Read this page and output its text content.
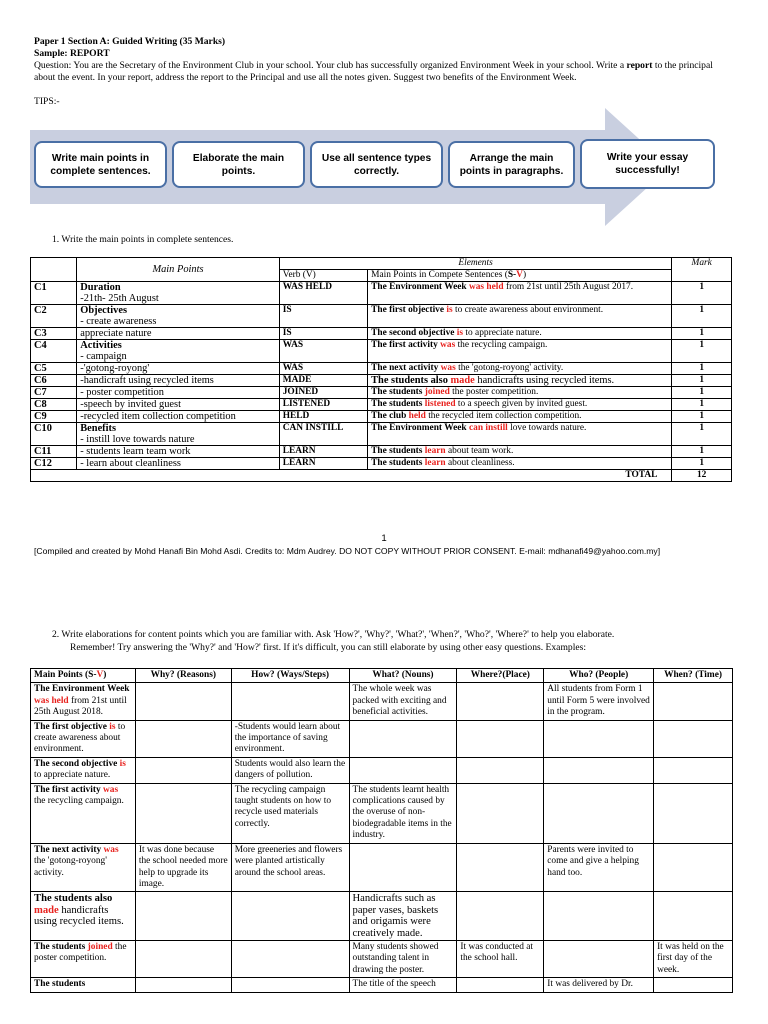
Paper 1 Section A: Guided Writing (35 Marks)
Sample: REPORT
Question: You are the Secretary of the Environment Club in your school. Your club has successfully organized Environment Week in your school. Write a report to the principal about the event. In your report, address the report to the Principal and use all the notes given. Suggest two benefits of the Environment Week.
TIPS:-
Write main points in complete sentences.
Elaborate the main points.
Use all sentence types correctly.
Arrange the main points in paragraphs.
Write your essay successfully!
1. Write the main points in complete sentences.
	Main Points	Elements		Mark
		Verb (V)	Main Points in Compete Sentences (S-V)	
C1	Duration
-21th- 25th August	WAS HELD	The Environment Week was held from 21st until 25th August 2017.	1
C2	Objectives
- create awareness	IS	The first objective is to create awareness about environment.	1
C3	appreciate nature	IS	The second objective is to appreciate nature.	1
C4	Activities
- campaign	WAS	The first activity was the recycling campaign.	1
C5	-'gotong-royong'	WAS	The next activity was the 'gotong-royong' activity.	1
C6	-handicraft using recycled items	MADE	The students also made handicrafts using recycled items.	1
C7	- poster competition	JOINED	The students joined the poster competition.	1
C8	-speech by invited guest	LISTENED	The students listened to a speech given by invited guest.	1
C9	-recycled item collection competition	HELD	The club held the recycled item collection competition.	1
C10	Benefits
- instill love towards nature	CAN INSTILL	The Environment Week can instill love towards nature.	1
C11	- students learn team work	LEARN	The students learn about team work.	1
C12	- learn about cleanliness	LEARN	The students learn about cleanliness.	1
TOTAL				12
1
[Compiled and created by Mohd Hanafi Bin Mohd Asdi. Credits to: Mdm Audrey. DO NOT COPY WITHOUT PRIOR CONSENT. E-mail: mdhanafi49@yahoo.com.my]
2. Write elaborations for content points which you are familiar with. Ask 'How?', 'Why?', 'What?', 'When?', 'Who?', 'Where?' to help you elaborate.
Remember! Try answering the 'Why?' and 'How?' first. If it's difficult, you can still elaborate by using other easy questions. Examples:
Main Points (S-V)	Why? (Reasons)	How? (Ways/Steps)	What? (Nouns)	Where?(Place)	Who? (People)	When? (Time)
The Environment Week was held from 21st until 25th August 2018.			The whole week was packed with exciting and beneficial activities.		All students from Form 1 until Form 5 were involved in the program.	
The first objective is to create awareness about environment.		-Students would learn about the importance of saving environment.				
The second objective is to appreciate nature.		Students would also learn the dangers of pollution.				
The first activity was the recycling campaign.		The recycling campaign taught students on how to recycle used materials correctly.	The students learnt health complications caused by the overuse of non-biodegradable items in the industry.			
The next activity was the 'gotong-royong' activity.	It was done because the school needed more help to upgrade its image.	More greeneries and flowers were planted artistically around the school areas.			Parents were invited to come and give a helping hand too.	
The students also made handicrafts using recycled items.			Handicrafts such as paper vases, baskets and origamis were creatively made.			
The students joined the poster competition.			Many students showed outstanding talent in drawing the poster.	It was conducted at the school hall.		It was held on the first day of the week.
The students			The title of the speech		It was delivered by Dr.	
